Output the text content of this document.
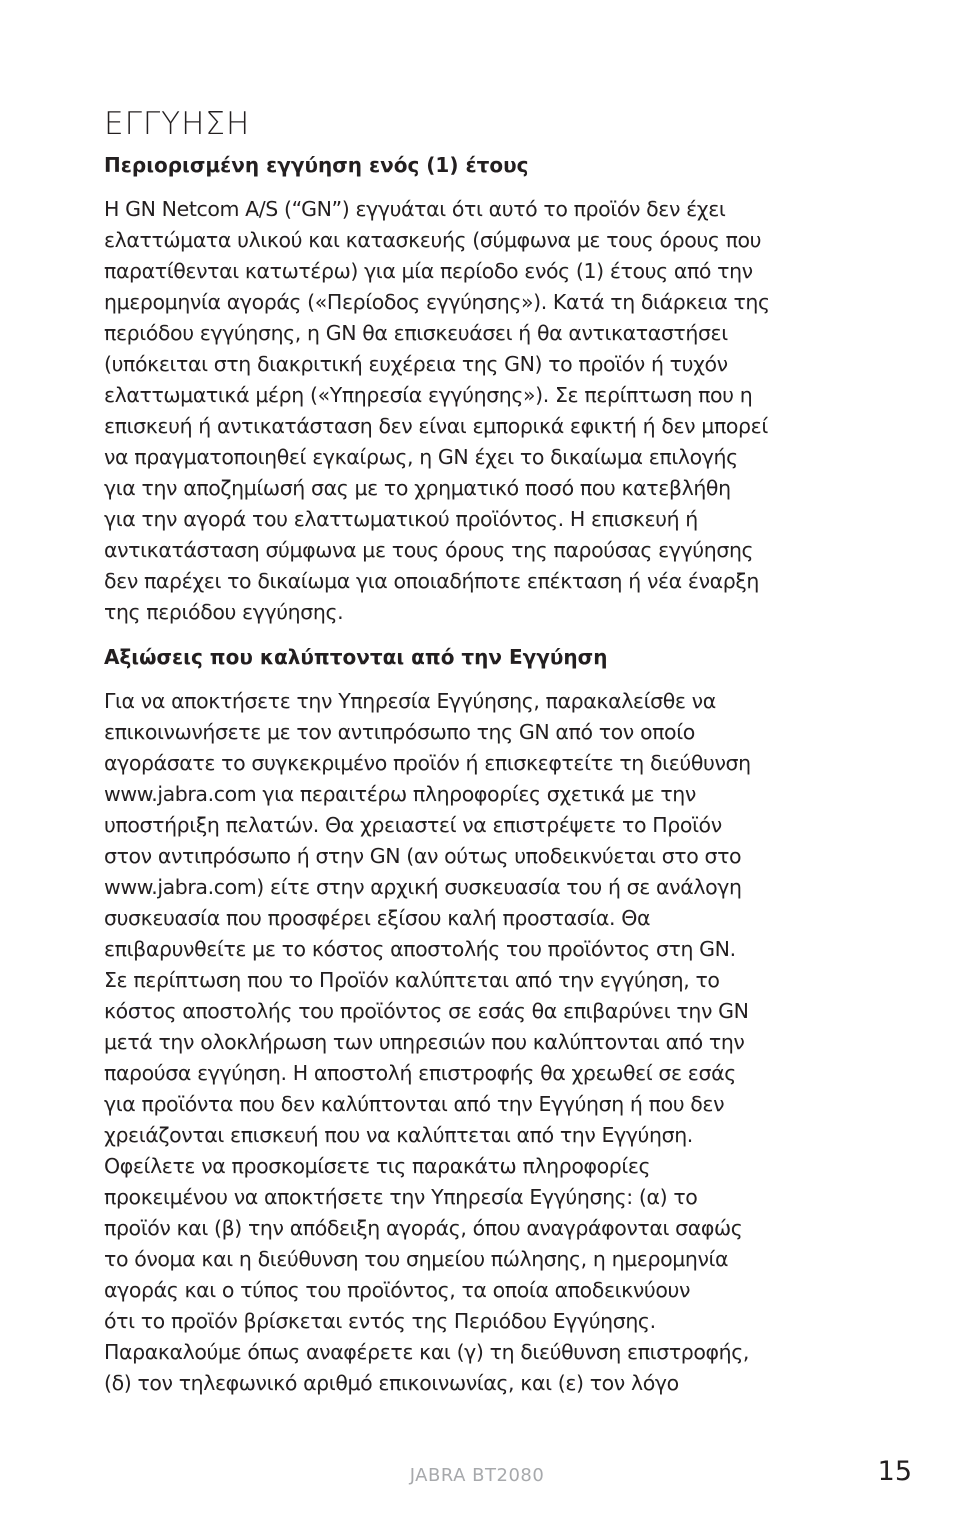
ΕΓΓΥΗΣΗ
Περιορισμένη εγγύηση ενός (1) έτους

Η GN Netcom A/S (“GN”) εγγυάται ότι αυτό το προϊόν δεν έχει
ελαττώματα υλικού και κατασκευής (σύμφωνα με τους όρους που
παρατίθενται κατωτέρω) για μία περίοδο ενός (1) έτους από την
ημερομηνία αγοράς («Περίοδος εγγύησης»). Κατά τη διάρκεια της
περιόδου εγγύησης, η GN θα επισκευάσει ή θα αντικαταστήσει
(υπόκειται στη διακριτική ευχέρεια της GN) το προϊόν ή τυχόν
ελαττωματικά μέρη («Υπηρεσία εγγύησης»). Σε περίπτωση που η
επισκευή ή αντικατάσταση δεν είναι εμπορικά εφικτή ή δεν μπορεί
να πραγματοποιηθεί εγκαίρως, η GN έχει το δικαίωμα επιλογής
για την αποζημίωσή σας με το χρηματικό ποσό που κατεβλήθη
για την αγορά του ελαττωματικού προϊόντος. Η επισκευή ή
αντικατάσταση σύμφωνα με τους όρους της παρούσας εγγύησης
δεν παρέχει το δικαίωμα για οποιαδήποτε επέκταση ή νέα έναρξη
της περιόδου εγγύησης.

Αξιώσεις που καλύπτονται από την Εγγύηση

Για να αποκτήσετε την Υπηρεσία Εγγύησης, παρακαλείσθε να
επικοινωνήσετε με τον αντιπρόσωπο της GN από τον οποίο
αγοράσατε το συγκεκριμένο προϊόν ή επισκεφτείτε τη διεύθυνση
www.jabra.com για περαιτέρω πληροφορίες σχετικά με την
υποστήριξη πελατών. Θα χρειαστεί να επιστρέψετε το Προϊόν
στον αντιπρόσωπο ή στην GN (αν ούτως υποδεικνύεται στο στο
www.jabra.com) είτε στην αρχική συσκευασία του ή σε ανάλογη
συσκευασία που προσφέρει εξίσου καλή προστασία. Θα
επιβαρυνθείτε με το κόστος αποστολής του προϊόντος στη GN.
Σε περίπτωση που το Προϊόν καλύπτεται από την εγγύηση, το
κόστος αποστολής του προϊόντος σε εσάς θα επιβαρύνει την GN
μετά την ολοκλήρωση των υπηρεσιών που καλύπτονται από την
παρούσα εγγύηση. Η αποστολή επιστροφής θα χρεωθεί σε εσάς
για προϊόντα που δεν καλύπτονται από την Εγγύηση ή που δεν
χρειάζονται επισκευή που να καλύπτεται από την Εγγύηση.
Οφείλετε να προσκομίσετε τις παρακάτω πληροφορίες
προκειμένου να αποκτήσετε την Υπηρεσία Εγγύησης: (α) το
προϊόν και (β) την απόδειξη αγοράς, όπου αναγράφονται σαφώς
το όνομα και η διεύθυνση του σημείου πώλησης, η ημερομηνία
αγοράς και ο τύπος του προϊόντος, τα οποία αποδεικνύουν
ότι το προϊόν βρίσκεται εντός της Περιόδου Εγγύησης.
Παρακαλούμε όπως αναφέρετε και (γ) τη διεύθυνση επιστροφής,
(δ) τον τηλεφωνικό αριθμό επικοινωνίας, και (ε) τον λόγο

JABRA BT2080	15
